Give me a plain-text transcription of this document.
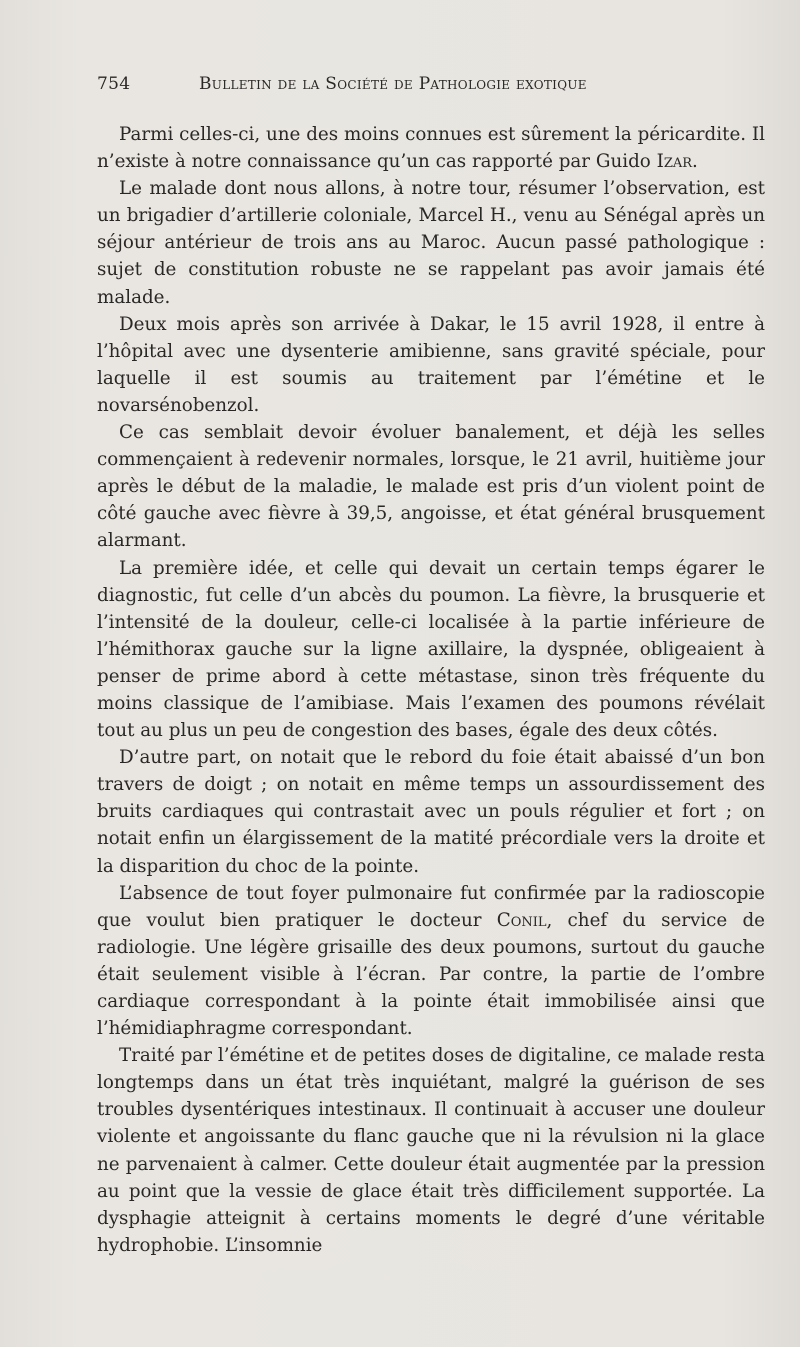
754	Bulletin de la Société de Pathologie exotique

Parmi celles-ci, une des moins connues est sûrement la péricardite. Il n’existe à notre connaissance qu’un cas rapporté par Guido Izar.

Le malade dont nous allons, à notre tour, résumer l’observation, est un brigadier d’artillerie coloniale, Marcel H., venu au Sénégal après un séjour antérieur de trois ans au Maroc. Aucun passé pathologique : sujet de constitution robuste ne se rappelant pas avoir jamais été malade.

Deux mois après son arrivée à Dakar, le 15 avril 1928, il entre à l’hôpital avec une dysenterie amibienne, sans gravité spéciale, pour laquelle il est soumis au traitement par l’émétine et le novarsénobenzol.

Ce cas semblait devoir évoluer banalement, et déjà les selles commençaient à redevenir normales, lorsque, le 21 avril, huitième jour après le début de la maladie, le malade est pris d’un violent point de côté gauche avec fièvre à 39,5, angoisse, et état général brusquement alarmant.

La première idée, et celle qui devait un certain temps égarer le diagnostic, fut celle d’un abcès du poumon. La fièvre, la brusquerie et l’intensité de la douleur, celle-ci localisée à la partie inférieure de l’hémithorax gauche sur la ligne axillaire, la dyspnée, obligeaient à penser de prime abord à cette métastase, sinon très fréquente du moins classique de l’amibiase. Mais l’examen des poumons révélait tout au plus un peu de congestion des bases, égale des deux côtés.

D’autre part, on notait que le rebord du foie était abaissé d’un bon travers de doigt ; on notait en même temps un assourdissement des bruits cardiaques qui contrastait avec un pouls régulier et fort ; on notait enfin un élargissement de la matité précordiale vers la droite et la disparition du choc de la pointe.

L’absence de tout foyer pulmonaire fut confirmée par la radioscopie que voulut bien pratiquer le docteur Conil, chef du service de radiologie. Une légère grisaille des deux poumons, surtout du gauche était seulement visible à l’écran. Par contre, la partie de l’ombre cardiaque correspondant à la pointe était immobilisée ainsi que l’hémidiaphragme correspondant.

Traité par l’émétine et de petites doses de digitaline, ce malade resta longtemps dans un état très inquiétant, malgré la guérison de ses troubles dysentériques intestinaux. Il continuait à accuser une douleur violente et angoissante du flanc gauche que ni la révulsion ni la glace ne parvenaient à calmer. Cette douleur était augmentée par la pression au point que la vessie de glace était très difficilement supportée. La dysphagie atteignit à certains moments le degré d’une véritable hydrophobie. L’insomnie
